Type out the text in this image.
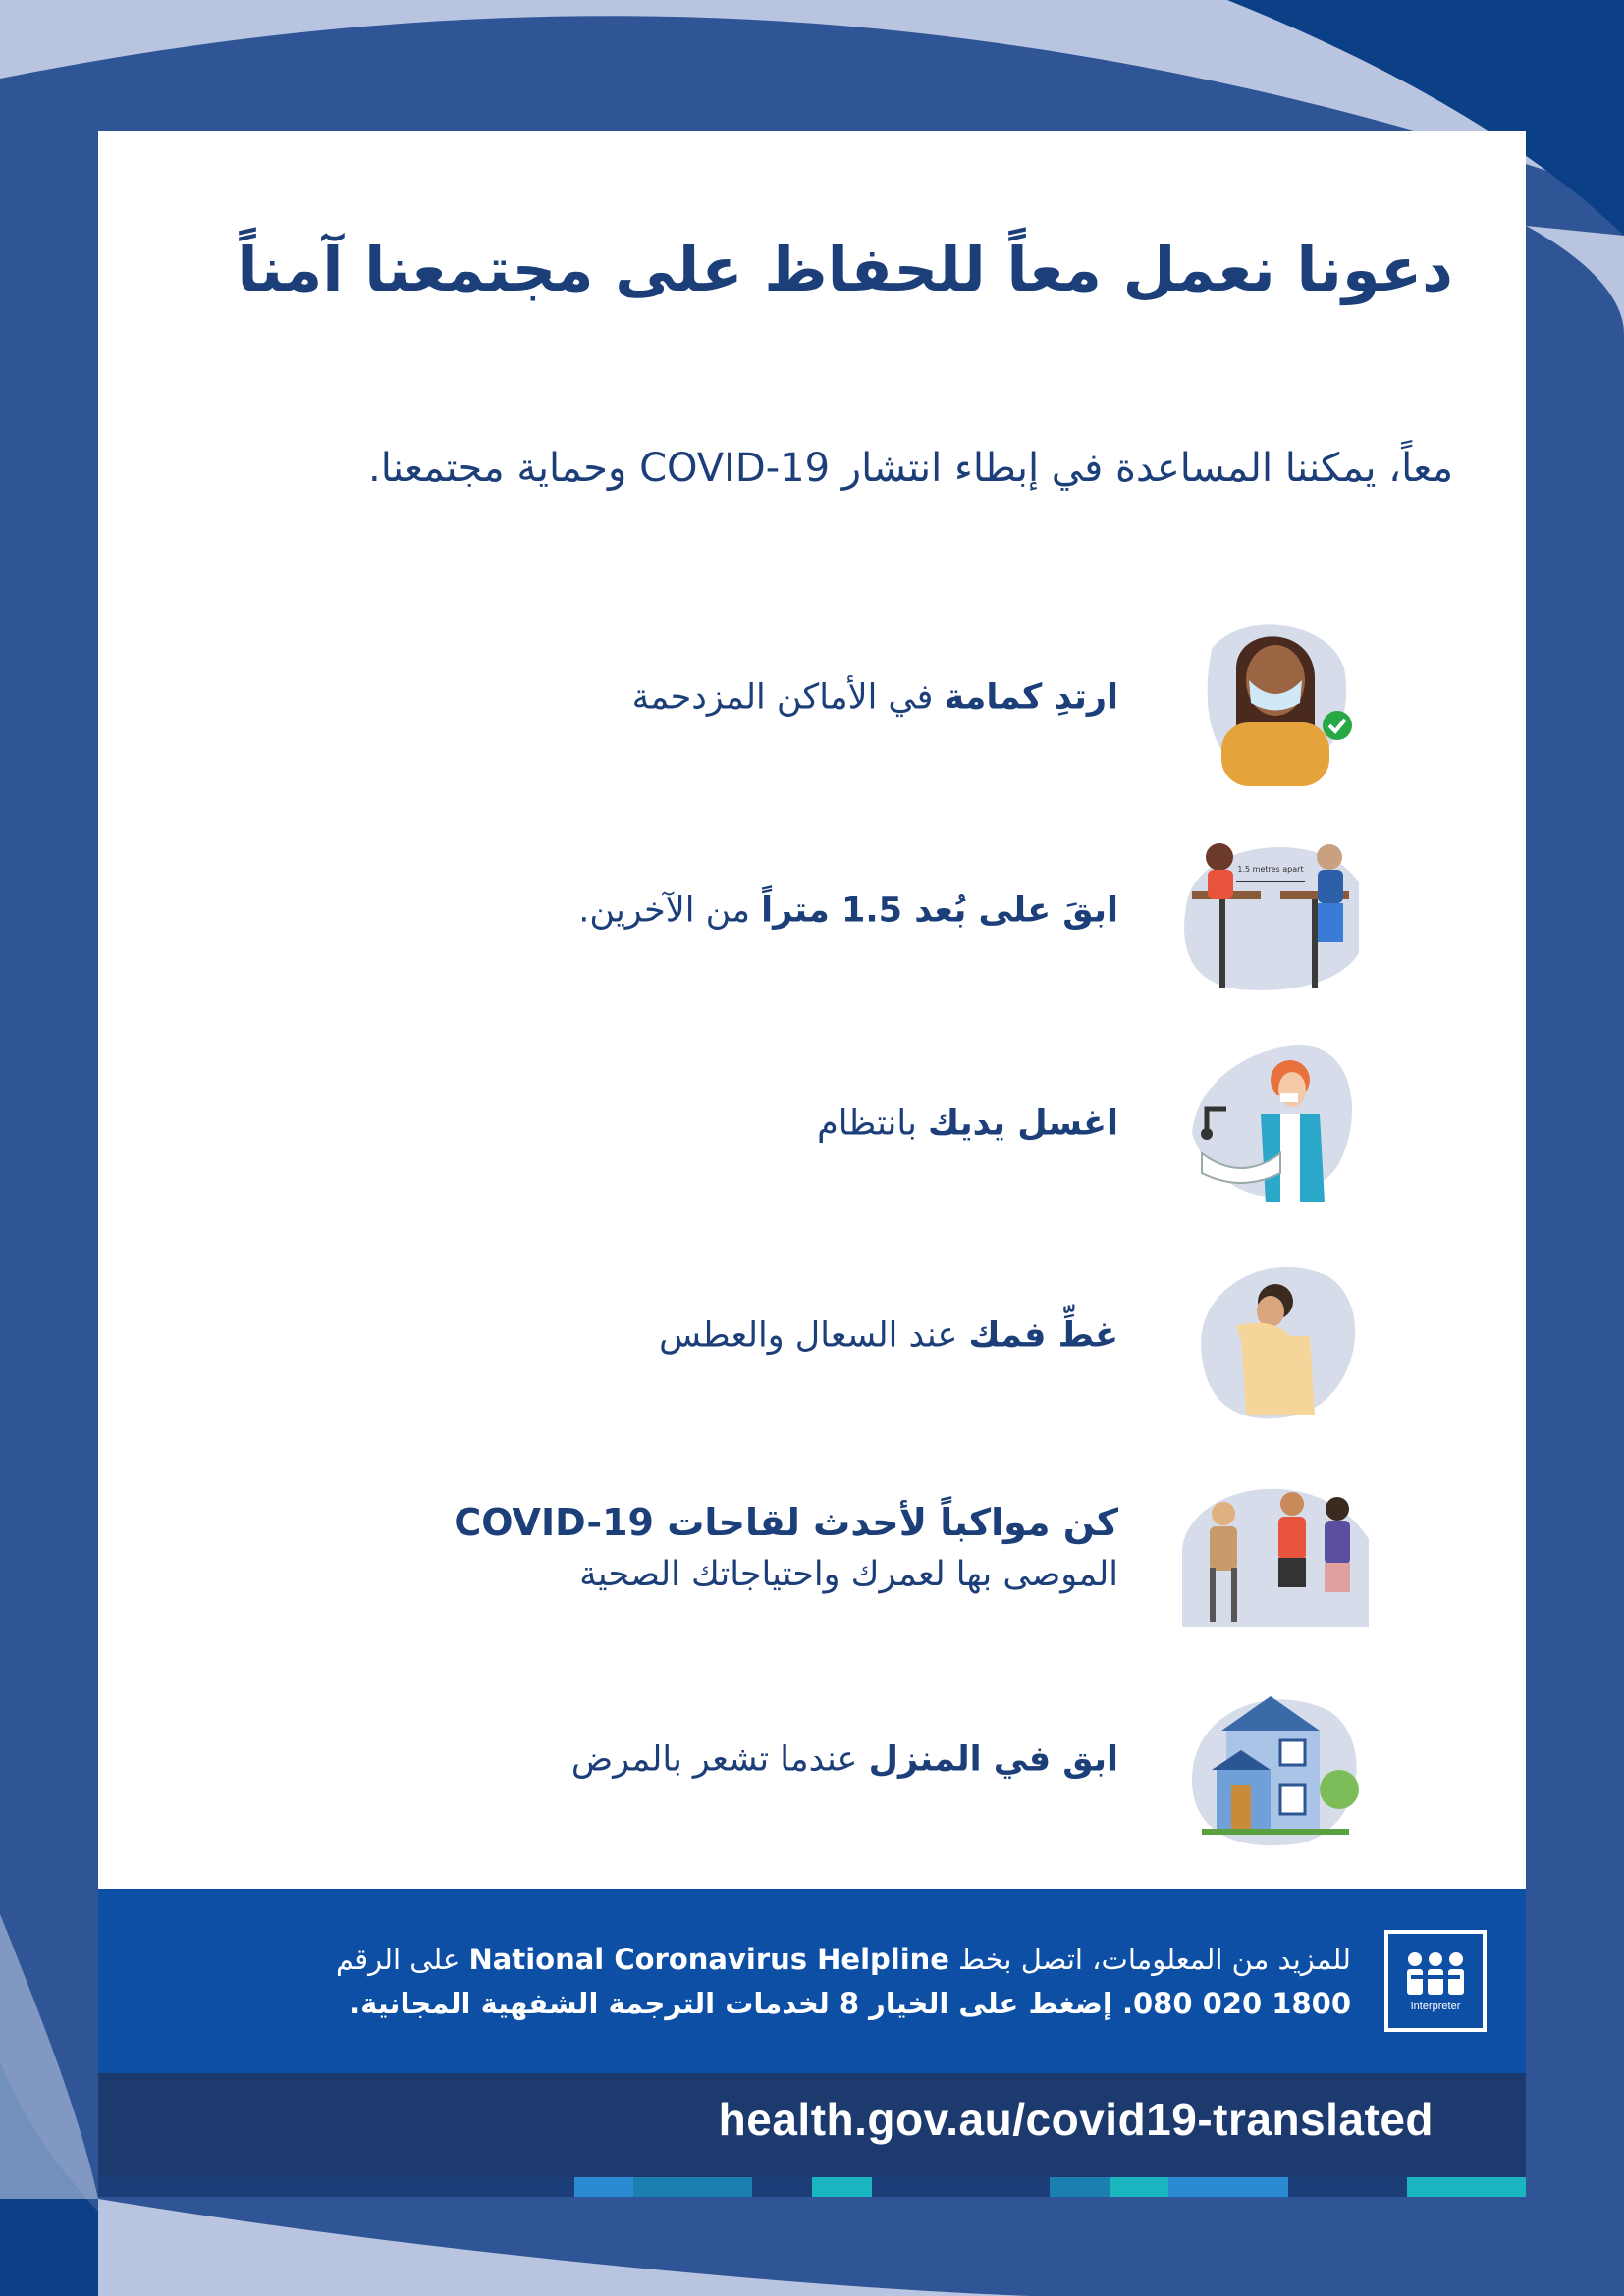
دعونا نعمل معاً للحفاظ على مجتمعنا آمناً

معاً، يمكننا المساعدة في إبطاء انتشار COVID-19 وحماية مجتمعنا.

ارتدِ كمامة في الأماكن المزدحمة
1.5 metres apart
ابقَ على بُعد 1.5 متراً من الآخرين.
اغسل يديك بانتظام
غطِّ فمك عند السعال والعطس
كن مواكباً لأحدث لقاحات COVID-19
الموصى بها لعمرك واحتياجاتك الصحية
ابق في المنزل عندما تشعر بالمرض
Interpreter
للمزيد من المعلومات، اتصل بخط National Coronavirus Helpline على الرقم
1800 020 080. إضغط على الخيار 8 لخدمات الترجمة الشفهية المجانية.
health.gov.au/covid19-translated
